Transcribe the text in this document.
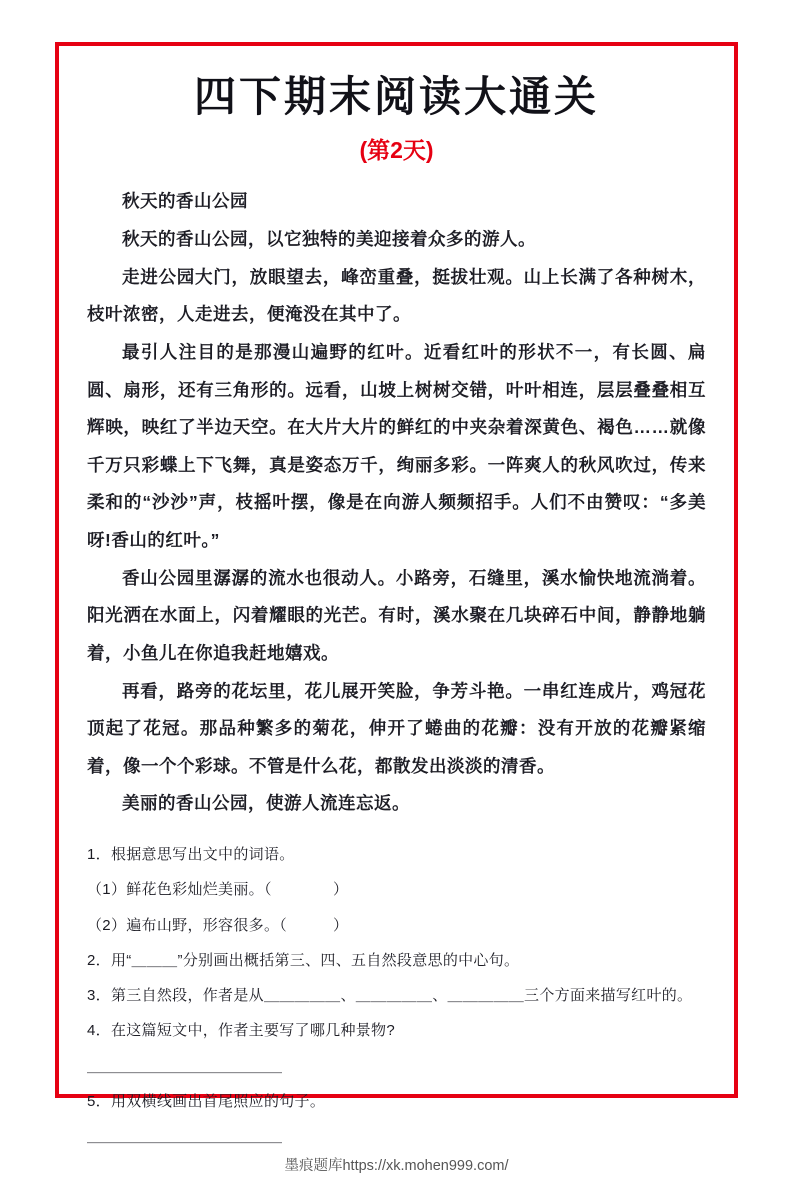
四下期末阅读大通关
(第2天)

秋天的香山公园

秋天的香山公园，以它独特的美迎接着众多的游人。

走进公园大门，放眼望去，峰峦重叠，挺拔壮观。山上长满了各种树木，枝叶浓密，人走进去，便淹没在其中了。

最引人注目的是那漫山遍野的红叶。近看红叶的形状不一，有长圆、扁圆、扇形，还有三角形的。远看，山坡上树树交错，叶叶相连，层层叠叠相互辉映，映红了半边天空。在大片大片的鲜红的中夹杂着深黄色、褐色……就像千万只彩蝶上下飞舞，真是姿态万千，绚丽多彩。一阵爽人的秋风吹过，传来柔和的“沙沙”声，枝摇叶摆，像是在向游人频频招手。人们不由赞叹：“多美呀!香山的红叶。”

香山公园里潺潺的流水也很动人。小路旁，石缝里，溪水愉快地流淌着。阳光洒在水面上，闪着耀眼的光芒。有时，溪水聚在几块碎石中间，静静地躺着，小鱼儿在你追我赶地嬉戏。

再看，路旁的花坛里，花儿展开笑脸，争芳斗艳。一串红连成片，鸡冠花顶起了花冠。那品种繁多的菊花，伸开了蜷曲的花瓣：没有开放的花瓣紧缩着，像一个个彩球。不管是什么花，都散发出淡淡的清香。

美丽的香山公园，使游人流连忘返。

1．根据意思写出文中的词语。

（1）鲜花色彩灿烂美丽。（　　　　）

（2）遍布山野，形容很多。（　　　）

2．用“＿＿＿”分别画出概括第三、四、五自然段意思的中心句。

3．第三自然段，作者是从＿＿＿＿＿、＿＿＿＿＿、＿＿＿＿＿三个方面来描写红叶的。

4．在这篇短文中，作者主要写了哪几种景物?

＿＿＿＿＿＿＿＿＿＿＿＿＿

5．用双横线画出首尾照应的句子。

＿＿＿＿＿＿＿＿＿＿＿＿＿

墨痕题库https://xk.mohen999.com/
